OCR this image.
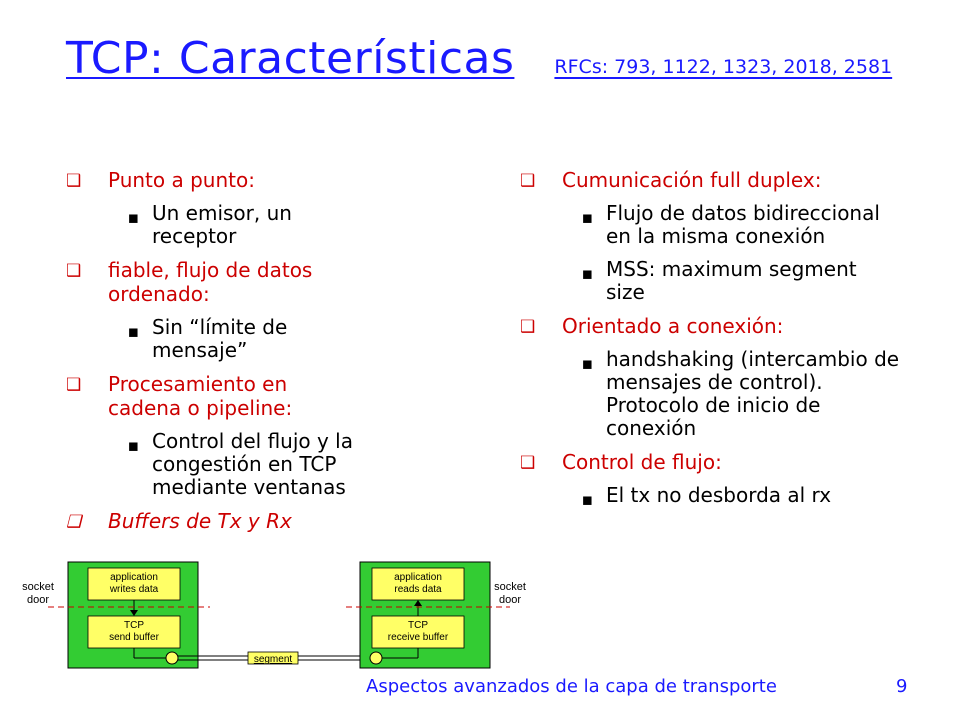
TCP: Características RFCs: 793, 1122, 1323, 2018, 2581
❑ Punto a punto:
◼ Un emisor, un receptor
❑ fiable, flujo de datos ordenado:
◼ Sin “límite de mensaje”
❑ Procesamiento en cadena o pipeline:
◼ Control del flujo y la congestión en TCP mediante ventanas
❑ Buffers de Tx y Rx
❑ Cumunicación full duplex:
◼ Flujo de datos bidireccional en la misma conexión
◼ MSS: maximum segment size
❑ Orientado a conexión:
◼ handshaking (intercambio de mensajes de control). Protocolo de inicio de conexión
❑ Control de flujo:
◼ El tx no desborda al rx
application
writes data
TCP
send buffer
socket
door
segment
application
reads data
TCP
receive buffer
socket
door
Aspectos avanzados de la capa de transporte	9
